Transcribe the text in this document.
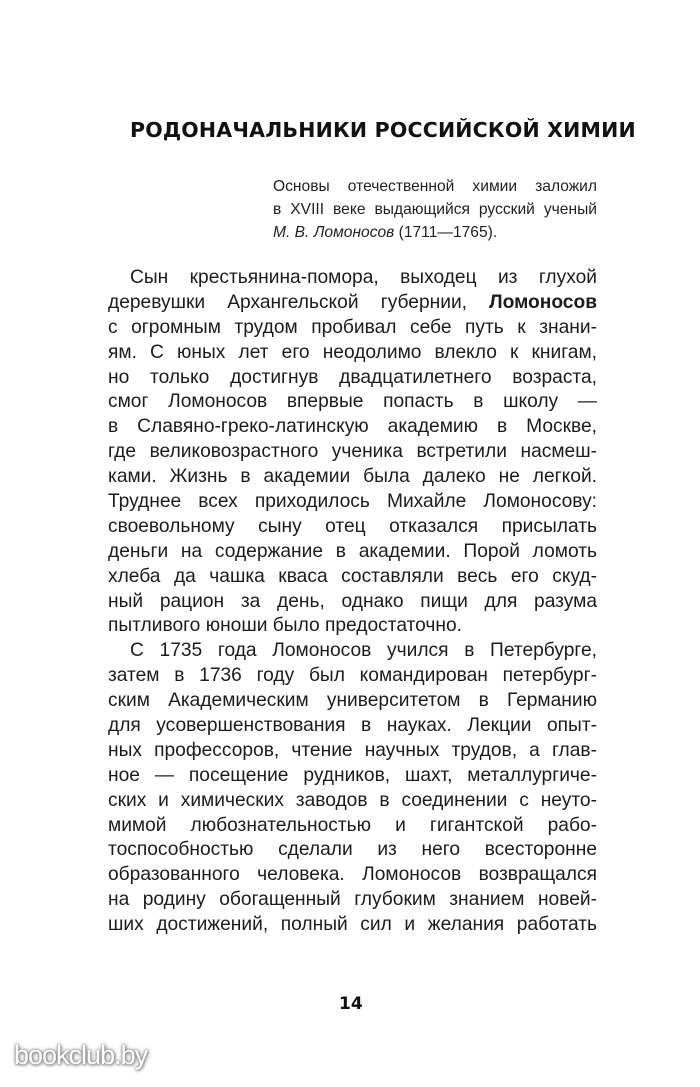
РОДОНАЧАЛЬНИКИ РОССИЙСКОЙ ХИМИИ
Основы отечественной химии заложил
в XVIII веке выдающийся русский ученый
М. В. Ломоносов (1711—1765).
Сын крестьянина-помора, выходец из глухой
деревушки Архангельской губернии, Ломоносов
с огромным трудом пробивал себе путь к знани-
ям. С юных лет его неодолимо влекло к книгам,
но только достигнув двадцатилетнего возраста,
смог Ломоносов впервые попасть в школу —
в Славяно-греко-латинскую академию в Москве,
где великовозрастного ученика встретили насмеш-
ками. Жизнь в академии была далеко не легкой.
Труднее всех приходилось Михайле Ломоносову:
своевольному сыну отец отказался присылать
деньги на содержание в академии. Порой ломоть
хлеба да чашка кваса составляли весь его скуд-
ный рацион за день, однако пищи для разума
пытливого юноши было предостаточно.
С 1735 года Ломоносов учился в Петербурге,
затем в 1736 году был командирован петербург-
ским Академическим университетом в Германию
для усовершенствования в науках. Лекции опыт-
ных профессоров, чтение научных трудов, а глав-
ное — посещение рудников, шахт, металлургиче-
ских и химических заводов в соединении с неуто-
мимой любознательностью и гигантской рабо-
тоспособностью сделали из него всесторонне
образованного человека. Ломоносов возвращался
на родину обогащенный глубоким знанием новей-
ших достижений, полный сил и желания работать
14
bookclub.by
